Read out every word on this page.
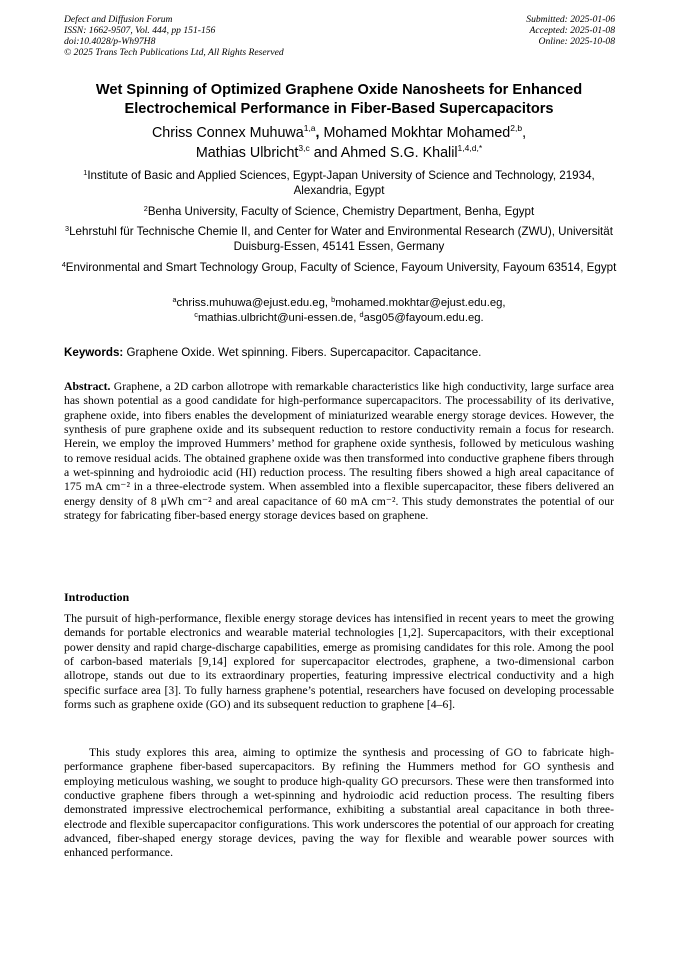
Defect and Diffusion Forum
ISSN: 1662-9507, Vol. 444, pp 151-156
doi:10.4028/p-Wh97H8
© 2025 Trans Tech Publications Ltd, All Rights Reserved
Submitted: 2025-01-06
Accepted: 2025-01-08
Online: 2025-10-08
Wet Spinning of Optimized Graphene Oxide Nanosheets for Enhanced
Electrochemical Performance in Fiber-Based Supercapacitors
Chriss Connex Muhuwa$^{1,a}$, Mohamed Mokhtar Mohamed$^{2,b}$,
Mathias Ulbricht$^{3,c}$ and Ahmed S.G. Khalil$^{1,4,d,*}$
$^1$Institute of Basic and Applied Sciences, Egypt-Japan University of Science and Technology, 21934, Alexandria, Egypt
$^2$Benha University, Faculty of Science, Chemistry Department, Benha, Egypt
$^3$Lehrstuhl für Technische Chemie II, and Center for Water and Environmental Research (ZWU), Universität Duisburg-Essen, 45141 Essen, Germany
$^4$Environmental and Smart Technology Group, Faculty of Science, Fayoum University, Fayoum 63514, Egypt
$^a$chriss.muhuwa@ejust.edu.eg, $^b$mohamed.mokhtar@ejust.edu.eg,
$^c$mathias.ulbricht@uni-essen.de, $^d$asg05@fayoum.edu.eg.
Keywords: Graphene Oxide. Wet spinning. Fibers. Supercapacitor. Capacitance.
Abstract. Graphene, a 2D carbon allotrope with remarkable characteristics like high conductivity, large surface area has shown potential as a good candidate for high-performance supercapacitors. The processability of its derivative, graphene oxide, into fibers enables the development of miniaturized wearable energy storage devices. However, the synthesis of pure graphene oxide and its subsequent reduction to restore conductivity remain a focus for research. Herein, we employ the improved Hummers’ method for graphene oxide synthesis, followed by meticulous washing to remove residual acids. The obtained graphene oxide was then transformed into conductive graphene fibers through a wet-spinning and hydroiodic acid (HI) reduction process. The resulting fibers showed a high areal capacitance of 175 mA cm⁻² in a three-electrode system. When assembled into a flexible supercapacitor, these fibers delivered an energy density of 8 μWh cm⁻² and areal capacitance of 60 mA cm⁻². This study demonstrates the potential of our strategy for fabricating fiber-based energy storage devices based on graphene.
Introduction
The pursuit of high-performance, flexible energy storage devices has intensified in recent years to meet the growing demands for portable electronics and wearable material technologies [1,2]. Supercapacitors, with their exceptional power density and rapid charge-discharge capabilities, emerge as promising candidates for this role. Among the pool of carbon-based materials [9,14] explored for supercapacitor electrodes, graphene, a two-dimensional carbon allotrope, stands out due to its extraordinary properties, featuring impressive electrical conductivity and a high specific surface area [3]. To fully harness graphene’s potential, researchers have focused on developing processable forms such as graphene oxide (GO) and its subsequent reduction to graphene [4–6].
This study explores this area, aiming to optimize the synthesis and processing of GO to fabricate high-performance graphene fiber-based supercapacitors. By refining the Hummers method for GO synthesis and employing meticulous washing, we sought to produce high-quality GO precursors. These were then transformed into conductive graphene fibers through a wet-spinning and hydroiodic acid reduction process. The resulting fibers demonstrated impressive electrochemical performance, exhibiting a substantial areal capacitance in both three-electrode and flexible supercapacitor configurations. This work underscores the potential of our approach for creating advanced, fiber-shaped energy storage devices, paving the way for flexible and wearable power sources with enhanced performance.
